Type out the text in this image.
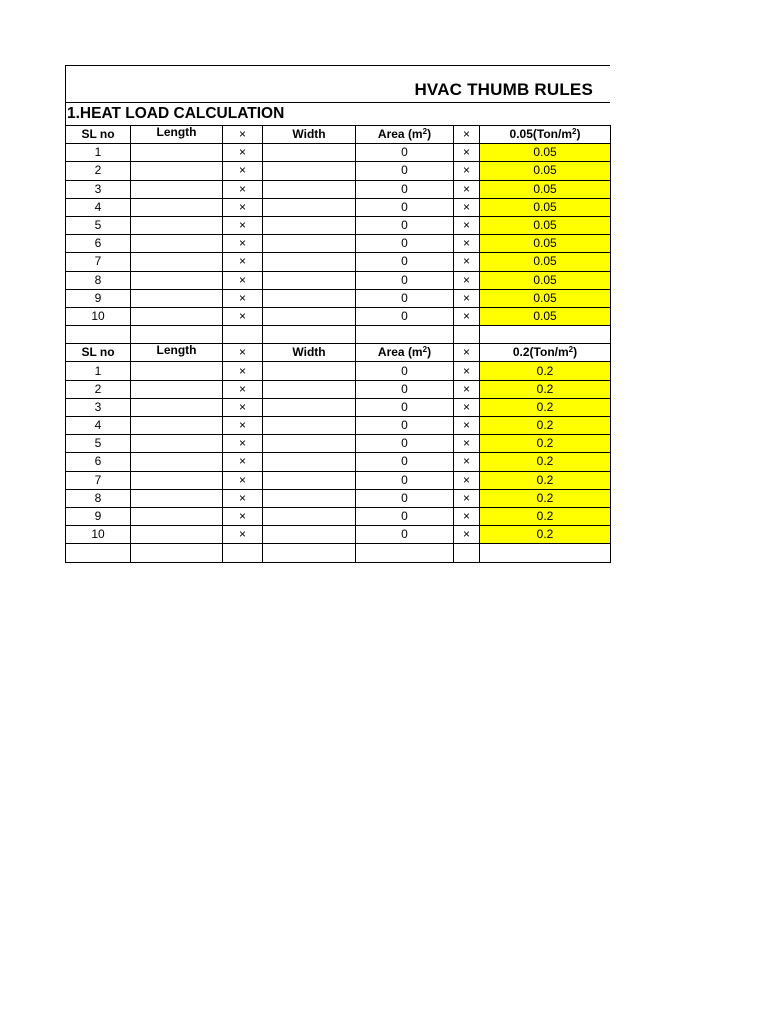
HVAC THUMB RULES
1.HEAT LOAD CALCULATION
SL no	Length	×	Width	Area $(m^2)$	×	$0.05(Ton/m^2)$
1		×		0	×	0.05
2		×		0	×	0.05
3		×		0	×	0.05
4		×		0	×	0.05
5		×		0	×	0.05
6		×		0	×	0.05
7		×		0	×	0.05
8		×		0	×	0.05
9		×		0	×	0.05
10		×		0	×	0.05

SL no	Length	×	Width	Area $(m^2)$	×	$0.2(Ton/m^2)$
1		×		0	×	0.2
2		×		0	×	0.2
3		×		0	×	0.2
4		×		0	×	0.2
5		×		0	×	0.2
6		×		0	×	0.2
7		×		0	×	0.2
8		×		0	×	0.2
9		×		0	×	0.2
10		×		0	×	0.2
